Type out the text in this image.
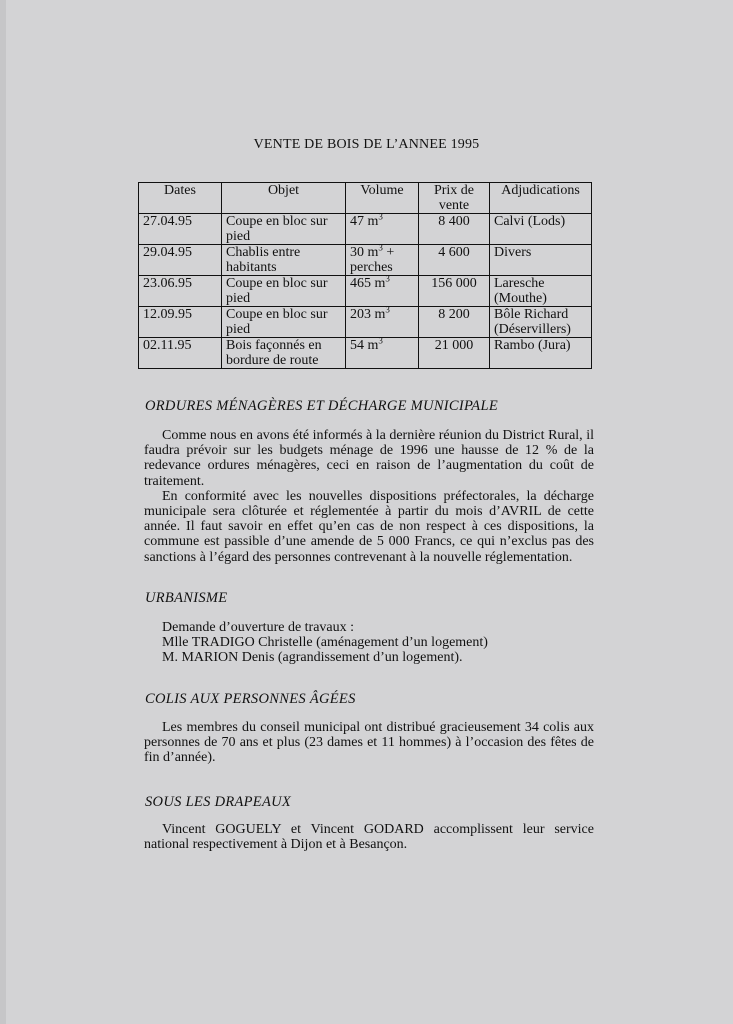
VENTE DE BOIS DE L’ANNEE 1995
Dates	Objet	Volume	Prix de vente	Adjudications
27.04.95	Coupe en bloc sur pied	47 $m^3$	8 400	Calvi (Lods)
29.04.95	Chablis entre habitants	30 $m^3$ + perches	4 600	Divers
23.06.95	Coupe en bloc sur pied	465 $m^3$	156 000	Laresche (Mouthe)
12.09.95	Coupe en bloc sur pied	203 $m^3$	8 200	Bôle Richard (Déservillers)
02.11.95	Bois façonnés en bordure de route	54 $m^3$	21 000	Rambo (Jura)
ORDURES MÉNAGÈRES ET DÉCHARGE MUNICIPALE

Comme nous en avons été informés à la dernière réunion du District Rural, il faudra prévoir sur les budgets ménage de 1996 une hausse de 12 % de la redevance ordures ménagères, ceci en raison de l’augmentation du coût de traitement.

En conformité avec les nouvelles dispositions préfectorales, la décharge municipale sera clôturée et réglementée à partir du mois d’AVRIL de cette année. Il faut savoir en effet qu’en cas de non respect à ces dispositions, la commune est passible d’une amende de 5 000 Francs, ce qui n’exclus pas des sanctions à l’égard des personnes contrevenant à la nouvelle réglementation.

URBANISME

Demande d’ouverture de travaux :

Mlle TRADIGO Christelle (aménagement d’un logement)

M. MARION Denis (agrandissement d’un logement).

COLIS AUX PERSONNES ÂGÉES

Les membres du conseil municipal ont distribué gracieusement 34 colis aux personnes de 70 ans et plus (23 dames et 11 hommes) à l’occasion des fêtes de fin d’année).

SOUS LES DRAPEAUX

Vincent GOGUELY et Vincent GODARD accomplissent leur service national respectivement à Dijon et à Besançon.
